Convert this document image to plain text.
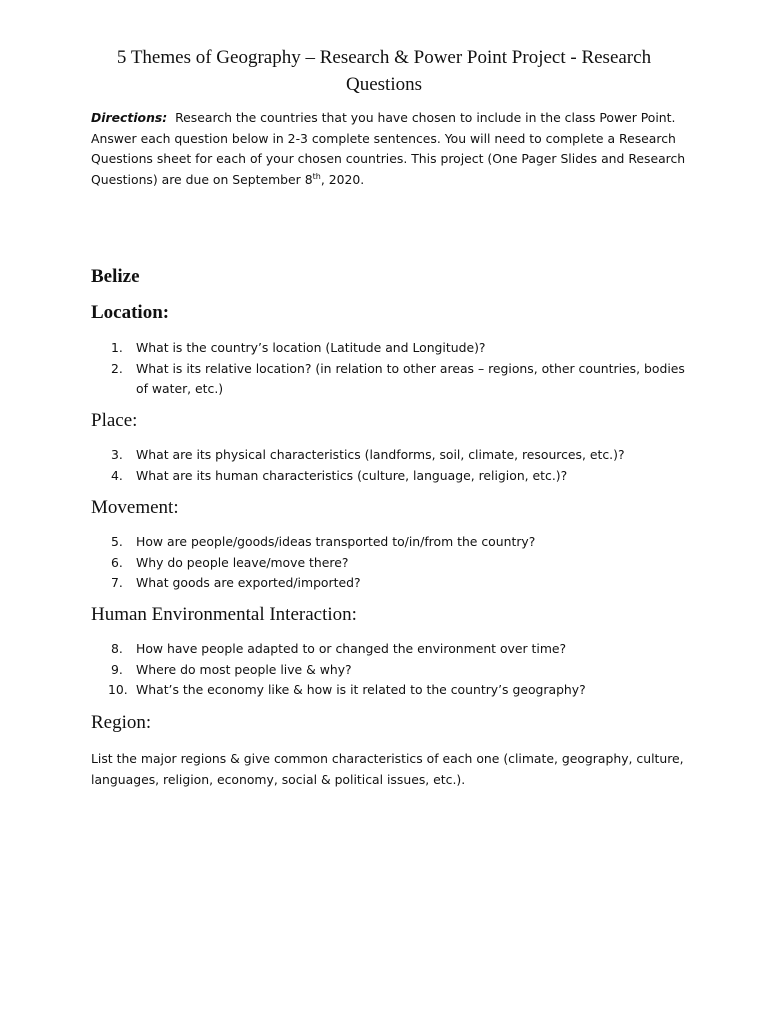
5 Themes of Geography – Research & Power Point Project - Research Questions

Directions: Research the countries that you have chosen to include in the class Power Point. Answer each question below in 2-3 complete sentences. You will need to complete a Research Questions sheet for each of your chosen countries. This project (One Pager Slides and Research Questions) are due on September 8th, 2020.

Belize
Location:
1. What is the country’s location (Latitude and Longitude)?
2. What is its relative location? (in relation to other areas – regions, other countries, bodies of water, etc.)
Place:
3. What are its physical characteristics (landforms, soil, climate, resources, etc.)?
4. What are its human characteristics (culture, language, religion, etc.)?
Movement:
5. How are people/goods/ideas transported to/in/from the country?
6. Why do people leave/move there?
7. What goods are exported/imported?
Human Environmental Interaction:
8. How have people adapted to or changed the environment over time?
9. Where do most people live & why?
10. What’s the economy like & how is it related to the country’s geography?
Region:

List the major regions & give common characteristics of each one (climate, geography, culture, languages, religion, economy, social & political issues, etc.).
